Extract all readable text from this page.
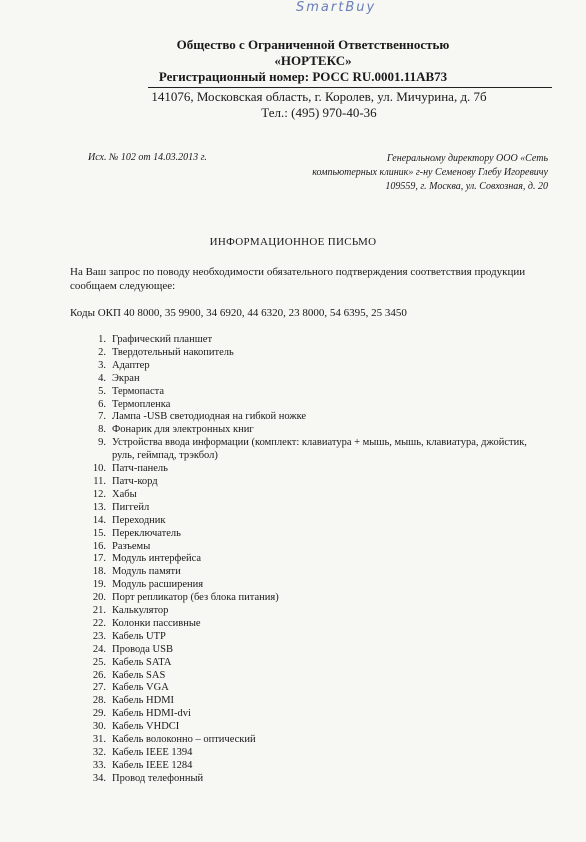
SmartBuy
Общество с Ограниченной Ответственностью
«НОРТЕКС»
Регистрационный номер: РОСС RU.0001.11АВ73
141076, Московская область, г. Королев, ул. Мичурина, д. 7б
Тел.: (495) 970-40-36
Исх. № 102 от 14.03.2013 г.	Генеральному директору ООО «Сеть
компьютерных клиник» г-ну Семенову Глебу Игоревичу
109559, г. Москва, ул. Совхозная, д. 20
ИНФОРМАЦИОННОЕ ПИСЬМО
На Ваш запрос по поводу необходимости обязательного подтверждения соответствия продукции сообщаем следующее:
Коды ОКП 40 8000, 35 9900, 34 6920, 44 6320, 23 8000, 54 6395, 25 3450
1. Графический планшет
2. Твердотельный накопитель
3. Адаптер
4. Экран
5. Термопаста
6. Термопленка
7. Лампа -USB светодиодная на гибкой ножке
8. Фонарик для электронных книг
9. Устройства ввода информации (комплект: клавиатура + мышь, мышь, клавиатура, джойстик, руль, геймпад, трэкбол)
10. Патч-панель
11. Патч-корд
12. Хабы
13. Пиггейл
14. Переходник
15. Переключатель
16. Разъемы
17. Модуль интерфейса
18. Модуль памяти
19. Модуль расширения
20. Порт репликатор (без блока питания)
21. Калькулятор
22. Колонки пассивные
23. Кабель UTP
24. Провода USB
25. Кабель SATA
26. Кабель SAS
27. Кабель VGA
28. Кабель HDMI
29. Кабель HDMI-dvi
30. Кабель VHDCI
31. Кабель волоконно – оптический
32. Кабель IEEE 1394
33. Кабель IEEE 1284
34. Провод телефонный
